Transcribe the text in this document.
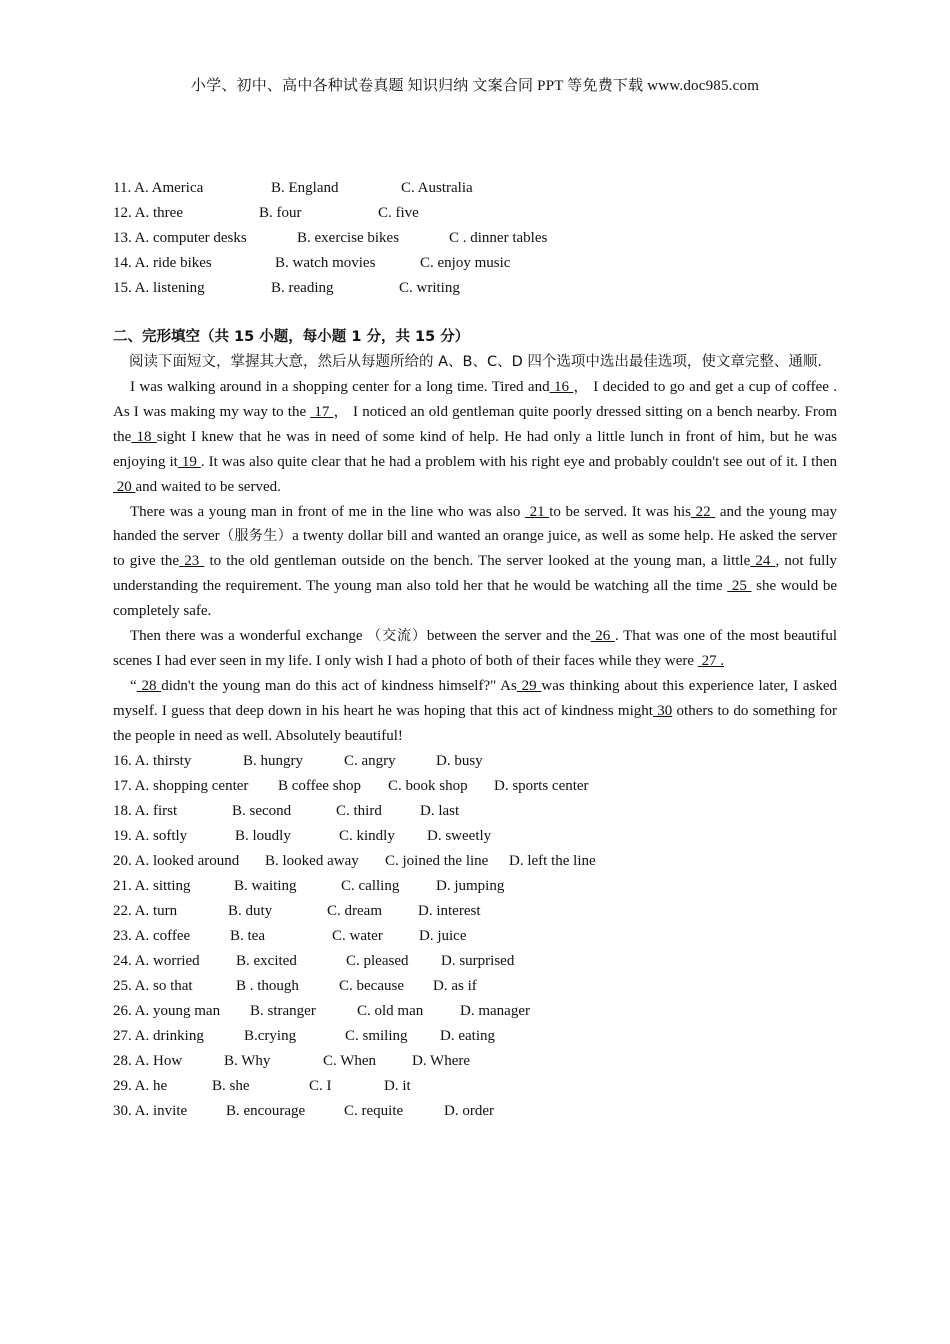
小学、初中、高中各种试卷真题 知识归纳 文案合同 PPT 等免费下载 www.doc985.com
11. A. America	B. England	C. Australia
12. A. three	B. four	C. five
13. A. computer desks	B. exercise bikes	C . dinner tables
14. A. ride bikes	B. watch movies	C. enjoy music
15. A. listening	B. reading	C. writing
二、完形填空（共 15 小题，每小题 1 分，共 15 分）

阅读下面短文，掌握其大意，然后从每题所给的 A、B、C、D 四个选项中选出最佳选项，使文章完整、通顺.

I was walking around in a shopping center for a long time. Tired and 16 ， I decided to go and get a cup of coffee . As I was making my way to the  17 ， I noticed an old gentleman quite poorly dressed sitting on a bench nearby. From the 18 sight I knew that he was in need of some kind of help. He had only a little lunch in front of him, but he was enjoying it 19 . It was also quite clear that he had a problem with his right eye and probably couldn't see out of it. I then  20 and waited to be served.

There was a young man in front of me in the line who was also  21 to be served. It was his 22  and the young may handed the server（服务生）a twenty dollar bill and wanted an orange juice, as well as some help. He asked the server to give the 23  to the old gentleman outside on the bench. The server looked at the young man, a little 24 , not fully understanding the requirement. The young man also told her that he would be watching all the time  25  she would be completely safe.

Then there was a wonderful exchange （交流）between the server and the 26 . That was one of the most beautiful scenes I had ever seen in my life. I only wish I had a photo of both of their faces while they were  27 .

“ 28 didn't the young man do this act of kindness himself?" As 29 was thinking about this experience later, I asked myself. I guess that deep down in his heart he was hoping that this act of kindness might 30 others to do something for the people in need as well. Absolutely beautiful!

16. A. thirsty	B. hungry	C. angry	D. busy
17. A. shopping center	B coffee shop	C. book shop	D. sports center
18. A. first	B. second	C. third	D. last
19. A. softly	B. loudly	C. kindly	D. sweetly
20. A. looked around	B. looked away	C. joined the line	D. left the line
21. A. sitting	B. waiting	C. calling	D. jumping
22. A. turn	B. duty	C. dream	D. interest
23. A. coffee	B. tea	C. water	D. juice
24. A. worried	B. excited	C. pleased	D. surprised
25. A. so that	B . though	C. because	D. as if
26. A. young man	B. stranger	C. old man	D. manager
27. A. drinking	B.crying	C. smiling	D. eating
28. A. How	B. Why	C. When	D. Where
29. A. he	B. she	C. I	D. it
30. A. invite	B. encourage	C. requite	D. order
